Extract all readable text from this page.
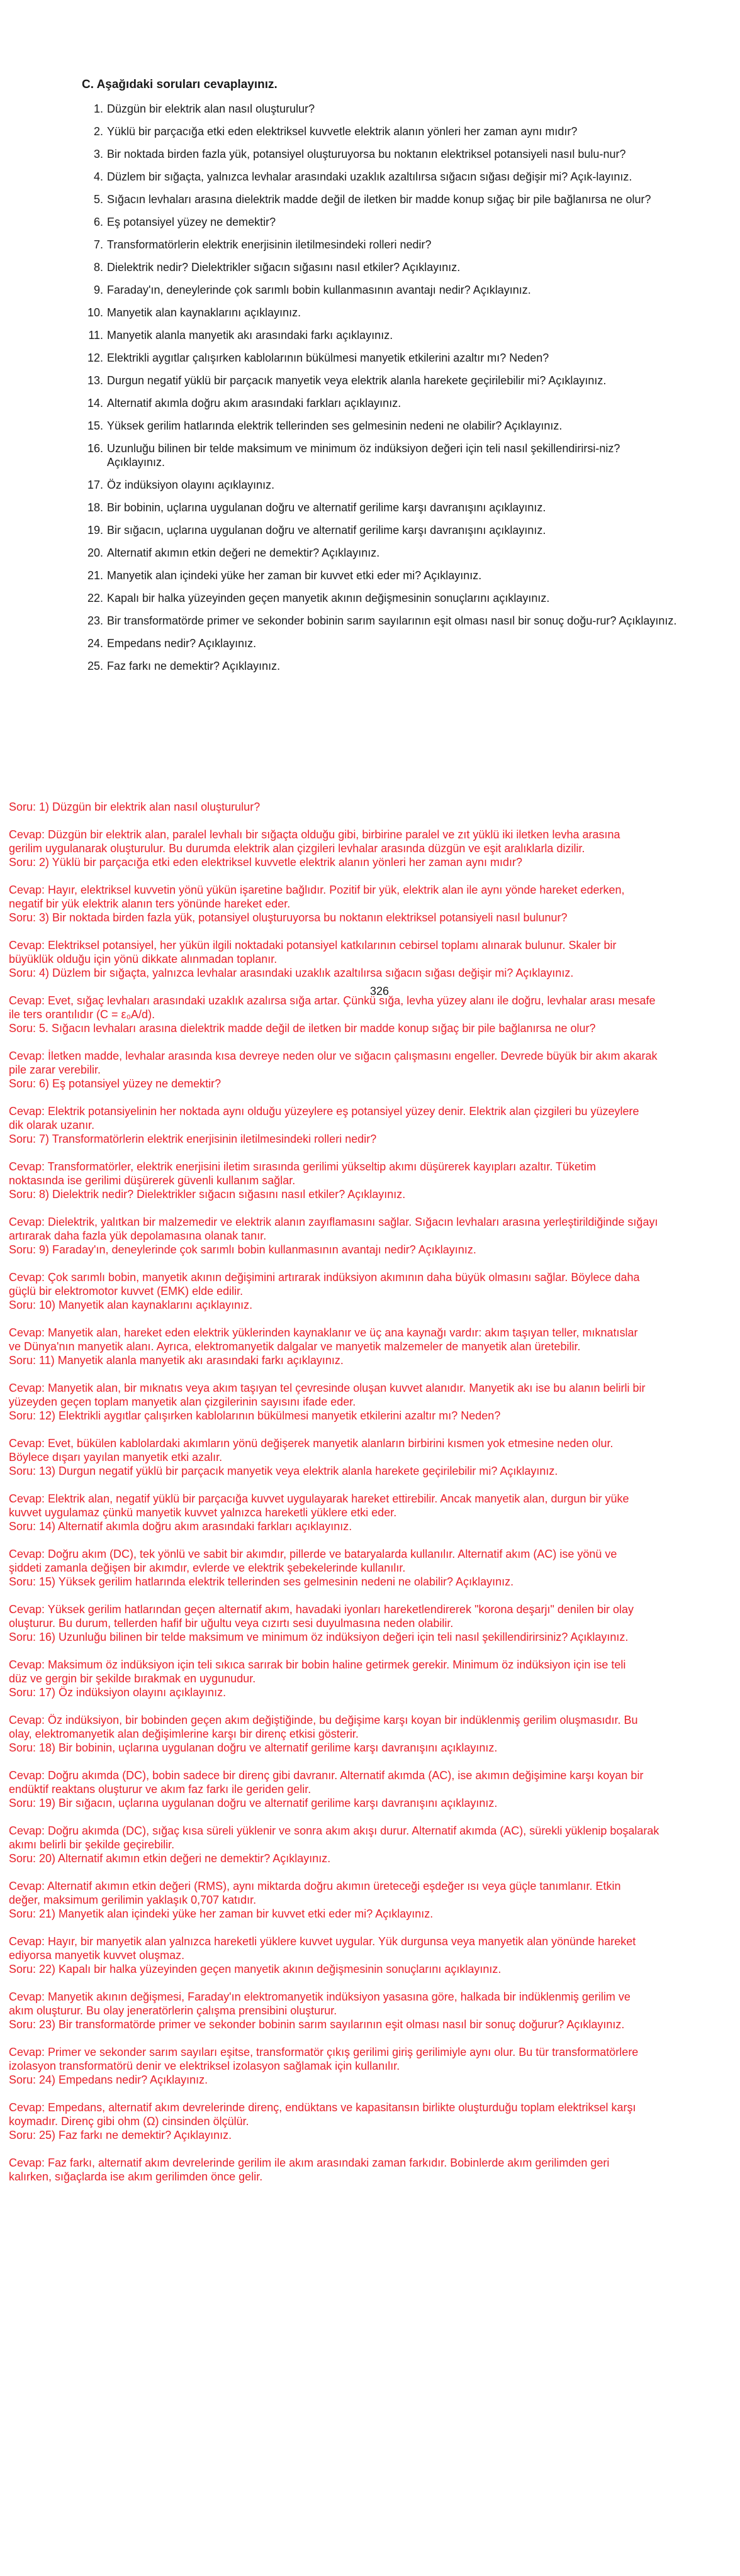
C. Aşağıdaki soruları cevaplayınız.
1. Düzgün bir elektrik alan nasıl oluşturulur?
2. Yüklü bir parçacığa etki eden elektriksel kuvvetle elektrik alanın yönleri her zaman aynı mıdır?
3. Bir noktada birden fazla yük, potansiyel oluşturuyorsa bu noktanın elektriksel potansiyeli nasıl bulu-nur?
4. Düzlem bir sığaçta, yalnızca levhalar arasındaki uzaklık azaltılırsa sığacın sığası değişir mi? Açık-layınız.
5. Sığacın levhaları arasına dielektrik madde değil de iletken bir madde konup sığaç bir pile bağlanırsa ne olur?
6. Eş potansiyel yüzey ne demektir?
7. Transformatörlerin elektrik enerjisinin iletilmesindeki rolleri nedir?
8. Dielektrik nedir? Dielektrikler sığacın sığasını nasıl etkiler? Açıklayınız.
9. Faraday'ın, deneylerinde çok sarımlı bobin kullanmasının avantajı nedir? Açıklayınız.
10. Manyetik alan kaynaklarını açıklayınız.
11. Manyetik alanla manyetik akı arasındaki farkı açıklayınız.
12. Elektrikli aygıtlar çalışırken kablolarının bükülmesi manyetik etkilerini azaltır mı? Neden?
13. Durgun negatif yüklü bir parçacık manyetik veya elektrik alanla harekete geçirilebilir mi? Açıklayınız.
14. Alternatif akımla doğru akım arasındaki farkları açıklayınız.
15. Yüksek gerilim hatlarında elektrik tellerinden ses gelmesinin nedeni ne olabilir? Açıklayınız.
16. Uzunluğu bilinen bir telde maksimum ve minimum öz indüksiyon değeri için teli nasıl şekillendirirsi-niz? Açıklayınız.
17. Öz indüksiyon olayını açıklayınız.
18. Bir bobinin, uçlarına uygulanan doğru ve alternatif gerilime karşı davranışını açıklayınız.
19. Bir sığacın, uçlarına uygulanan doğru ve alternatif gerilime karşı davranışını açıklayınız.
20. Alternatif akımın etkin değeri ne demektir? Açıklayınız.
21. Manyetik alan içindeki yüke her zaman bir kuvvet etki eder mi? Açıklayınız.
22. Kapalı bir halka yüzeyinden geçen manyetik akının değişmesinin sonuçlarını açıklayınız.
23. Bir transformatörde primer ve sekonder bobinin sarım sayılarının eşit olması nasıl bir sonuç doğu-rur? Açıklayınız.
24. Empedans nedir? Açıklayınız.
25. Faz farkı ne demektir? Açıklayınız.
Soru: 1) Düzgün bir elektrik alan nasıl oluşturulur?
Cevap: Düzgün bir elektrik alan, paralel levhalı bir sığaçta olduğu gibi, birbirine paralel ve zıt yüklü iki iletken levha arasına
gerilim uygulanarak oluşturulur. Bu durumda elektrik alan çizgileri levhalar arasında düzgün ve eşit aralıklarla dizilir.
Soru: 2) Yüklü bir parçacığa etki eden elektriksel kuvvetle elektrik alanın yönleri her zaman aynı mıdır?
Cevap: Hayır, elektriksel kuvvetin yönü yükün işaretine bağlıdır. Pozitif bir yük, elektrik alan ile aynı yönde hareket ederken,
negatif bir yük elektrik alanın ters yönünde hareket eder.
Soru: 3) Bir noktada birden fazla yük, potansiyel oluşturuyorsa bu noktanın elektriksel potansiyeli nasıl bulunur?
Cevap: Elektriksel potansiyel, her yükün ilgili noktadaki potansiyel katkılarının cebirsel toplamı alınarak bulunur. Skaler bir
büyüklük olduğu için yönü dikkate alınmadan toplanır.
Soru: 4) Düzlem bir sığaçta, yalnızca levhalar arasındaki uzaklık azaltılırsa sığacın sığası değişir mi? Açıklayınız.
Cevap: Evet, sığaç levhaları arasındaki uzaklık azalırsa sığa artar. Çünkü sığa, levha yüzey alanı ile doğru, levhalar arası mesafe
ile ters orantılıdır (C = ε₀A/d).
Soru: 5. Sığacın levhaları arasına dielektrik madde değil de iletken bir madde konup sığaç bir pile bağlanırsa ne olur?
Cevap: İletken madde, levhalar arasında kısa devreye neden olur ve sığacın çalışmasını engeller. Devrede büyük bir akım akarak
pile zarar verebilir.
Soru: 6) Eş potansiyel yüzey ne demektir?
Cevap: Elektrik potansiyelinin her noktada aynı olduğu yüzeylere eş potansiyel yüzey denir. Elektrik alan çizgileri bu yüzeylere
dik olarak uzanır.
Soru: 7) Transformatörlerin elektrik enerjisinin iletilmesindeki rolleri nedir?
Cevap: Transformatörler, elektrik enerjisini iletim sırasında gerilimi yükseltip akımı düşürerek kayıpları azaltır. Tüketim
noktasında ise gerilimi düşürerek güvenli kullanım sağlar.
Soru: 8) Dielektrik nedir? Dielektrikler sığacın sığasını nasıl etkiler? Açıklayınız.
Cevap: Dielektrik, yalıtkan bir malzemedir ve elektrik alanın zayıflamasını sağlar. Sığacın levhaları arasına yerleştirildiğinde sığayı
artırarak daha fazla yük depolamasına olanak tanır.
Soru: 9) Faraday'ın, deneylerinde çok sarımlı bobin kullanmasının avantajı nedir? Açıklayınız.
Cevap: Çok sarımlı bobin, manyetik akının değişimini artırarak indüksiyon akımının daha büyük olmasını sağlar. Böylece daha
güçlü bir elektromotor kuvvet (EMK) elde edilir.
Soru: 10) Manyetik alan kaynaklarını açıklayınız.
Cevap: Manyetik alan, hareket eden elektrik yüklerinden kaynaklanır ve üç ana kaynağı vardır: akım taşıyan teller, mıknatıslar
ve Dünya'nın manyetik alanı. Ayrıca, elektromanyetik dalgalar ve manyetik malzemeler de manyetik alan üretebilir.
Soru: 11) Manyetik alanla manyetik akı arasındaki farkı açıklayınız.
Cevap: Manyetik alan, bir mıknatıs veya akım taşıyan tel çevresinde oluşan kuvvet alanıdır. Manyetik akı ise bu alanın belirli bir
yüzeyden geçen toplam manyetik alan çizgilerinin sayısını ifade eder.
Soru: 12) Elektrikli aygıtlar çalışırken kablolarının bükülmesi manyetik etkilerini azaltır mı? Neden?
Cevap: Evet, bükülen kablolardaki akımların yönü değişerek manyetik alanların birbirini kısmen yok etmesine neden olur.
Böylece dışarı yayılan manyetik etki azalır.
Soru: 13) Durgun negatif yüklü bir parçacık manyetik veya elektrik alanla harekete geçirilebilir mi? Açıklayınız.
Cevap: Elektrik alan, negatif yüklü bir parçacığa kuvvet uygulayarak hareket ettirebilir. Ancak manyetik alan, durgun bir yüke
kuvvet uygulamaz çünkü manyetik kuvvet yalnızca hareketli yüklere etki eder.
Soru: 14) Alternatif akımla doğru akım arasındaki farkları açıklayınız.
Cevap: Doğru akım (DC), tek yönlü ve sabit bir akımdır, pillerde ve bataryalarda kullanılır. Alternatif akım (AC) ise yönü ve
şiddeti zamanla değişen bir akımdır, evlerde ve elektrik şebekelerinde kullanılır.
Soru: 15) Yüksek gerilim hatlarında elektrik tellerinden ses gelmesinin nedeni ne olabilir? Açıklayınız.
Cevap: Yüksek gerilim hatlarından geçen alternatif akım, havadaki iyonları hareketlendirerek "korona deşarjı" denilen bir olay
oluşturur. Bu durum, tellerden hafif bir uğultu veya cızırtı sesi duyulmasına neden olabilir.
Soru: 16) Uzunluğu bilinen bir telde maksimum ve minimum öz indüksiyon değeri için teli nasıl şekillendirirsiniz? Açıklayınız.
Cevap: Maksimum öz indüksiyon için teli sıkıca sarırak bir bobin haline getirmek gerekir. Minimum öz indüksiyon için ise teli
düz ve gergin bir şekilde bırakmak en uygunudur.
Soru: 17) Öz indüksiyon olayını açıklayınız.
Cevap: Öz indüksiyon, bir bobinden geçen akım değiştiğinde, bu değişime karşı koyan bir indüklenmiş gerilim oluşmasıdır. Bu
olay, elektromanyetik alan değişimlerine karşı bir direnç etkisi gösterir.
Soru: 18) Bir bobinin, uçlarına uygulanan doğru ve alternatif gerilime karşı davranışını açıklayınız.
Cevap: Doğru akımda (DC), bobin sadece bir direnç gibi davranır. Alternatif akımda (AC), ise akımın değişimine karşı koyan bir
endüktif reaktans oluşturur ve akım faz farkı ile geriden gelir.
Soru: 19) Bir sığacın, uçlarına uygulanan doğru ve alternatif gerilime karşı davranışını açıklayınız.
Cevap: Doğru akımda (DC), sığaç kısa süreli yüklenir ve sonra akım akışı durur. Alternatif akımda (AC), sürekli yüklenip boşalarak
akımı belirli bir şekilde geçirebilir.
Soru: 20) Alternatif akımın etkin değeri ne demektir? Açıklayınız.
Cevap: Alternatif akımın etkin değeri (RMS), aynı miktarda doğru akımın üreteceği eşdeğer ısı veya güçle tanımlanır. Etkin
değer, maksimum gerilimin yaklaşık 0,707 katıdır.
Soru: 21) Manyetik alan içindeki yüke her zaman bir kuvvet etki eder mi? Açıklayınız.
Cevap: Hayır, bir manyetik alan yalnızca hareketli yüklere kuvvet uygular. Yük durgunsa veya manyetik alan yönünde hareket
ediyorsa manyetik kuvvet oluşmaz.
Soru: 22) Kapalı bir halka yüzeyinden geçen manyetik akının değişmesinin sonuçlarını açıklayınız.
Cevap: Manyetik akının değişmesi, Faraday'ın elektromanyetik indüksiyon yasasına göre, halkada bir indüklenmiş gerilim ve
akım oluşturur. Bu olay jeneratörlerin çalışma prensibini oluşturur.
Soru: 23) Bir transformatörde primer ve sekonder bobinin sarım sayılarının eşit olması nasıl bir sonuç doğurur? Açıklayınız.
Cevap: Primer ve sekonder sarım sayıları eşitse, transformatör çıkış gerilimi giriş gerilimiyle aynı olur. Bu tür transformatörlere
izolasyon transformatörü denir ve elektriksel izolasyon sağlamak için kullanılır.
Soru: 24) Empedans nedir? Açıklayınız.
Cevap: Empedans, alternatif akım devrelerinde direnç, endüktans ve kapasitansın birlikte oluşturduğu toplam elektriksel karşı
koymadır. Direnç gibi ohm (Ω) cinsinden ölçülür.
Soru: 25) Faz farkı ne demektir? Açıklayınız.
Cevap: Faz farkı, alternatif akım devrelerinde gerilim ile akım arasındaki zaman farkıdır. Bobinlerde akım gerilimden geri
kalırken, sığaçlarda ise akım gerilimden önce gelir.
326
